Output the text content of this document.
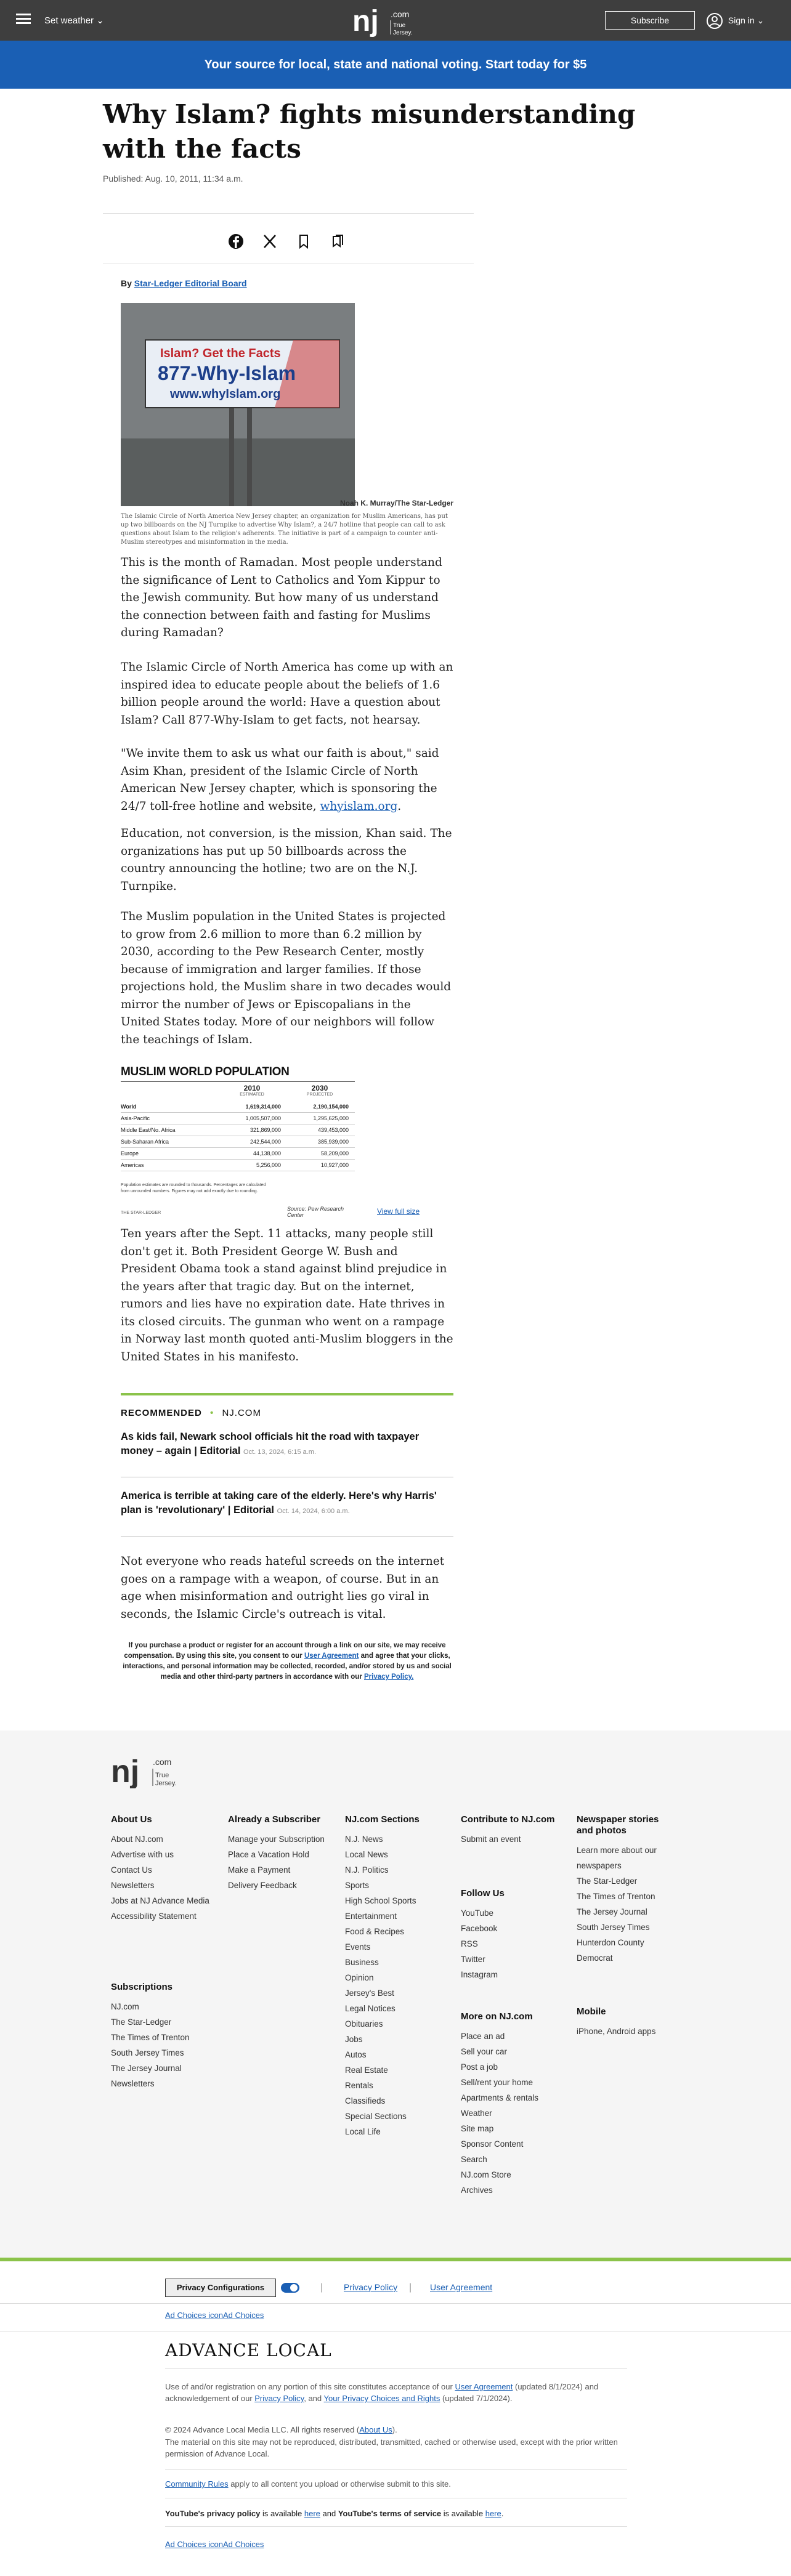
Set weather ⌄	nj .com
True
Jersey.
Subscribe	Sign in ⌄
Your source for local, state and national voting. Start today for $5
Why Islam? fights misunderstanding with the facts
Published: Aug. 10, 2011, 11:34 a.m.
By Star-Ledger Editorial Board
Islam? Get the Facts
877-Why-Islam
www.whyIslam.org
Noah K. Murray/The Star-Ledger
The Islamic Circle of North America New Jersey chapter, an organization for Muslim Americans, has put up two billboards on the NJ Turnpike to advertise Why Islam?, a 24/7 hotline that people can call to ask questions about Islam to the religion's adherents. The initiative is part of a campaign to counter anti-Muslim stereotypes and misinformation in the media.

This is the month of Ramadan. Most people understand the significance of Lent to Catholics and Yom Kippur to the Jewish community. But how many of us understand the connection between faith and fasting for Muslims during Ramadan?

The Islamic Circle of North America has come up with an inspired idea to educate people about the beliefs of 1.6 billion people around the world: Have a question about Islam? Call 877-Why-Islam to get facts, not hearsay.

"We invite them to ask us what our faith is about," said Asim Khan, president of the Islamic Circle of North American New Jersey chapter, which is sponsoring the 24/7 toll-free hotline and website, whyislam.org.

Education, not conversion, is the mission, Khan said. The organizations has put up 50 billboards across the country announcing the hotline; two are on the N.J. Turnpike.

The Muslim population in the United States is projected to grow from 2.6 million to more than 6.2 million by 2030, according to the Pew Research Center, mostly because of immigration and larger families. If those projections hold, the Muslim share in two decades would mirror the number of Jews or Episcopalians in the United States today. More of our neighbors will follow the teachings of Islam.

MUSLIM WORLD POPULATION
2010	2030
ESTIMATED	PROJECTED
World	1,619,314,000	2,190,154,000
Asia-Pacific	1,005,507,000	1,295,625,000
Middle East/No. Africa	321,869,000	439,453,000
Sub-Saharan Africa	242,544,000	385,939,000
Europe	44,138,000	58,209,000
Americas	5,256,000	10,927,000
Population estimates are rounded to thousands. Percentages are calculated from unrounded numbers. Figures may not add exactly due to rounding.
THE STAR-LEDGER
Source: Pew Research Center	View full size

Ten years after the Sept. 11 attacks, many people still don't get it. Both President George W. Bush and President Obama took a stand against blind prejudice in the years after that tragic day. But on the internet, rumors and lies have no expiration date. Hate thrives in its closed circuits. The gunman who went on a rampage in Norway last month quoted anti-Muslim bloggers in the United States in his manifesto.

RECOMMENDED • NJ.COM
As kids fail, Newark school officials hit the road with taxpayer money – again | Editorial Oct. 13, 2024, 6:15 a.m.
America is terrible at taking care of the elderly. Here's why Harris' plan is 'revolutionary' | Editorial Oct. 14, 2024, 6:00 a.m.

Not everyone who reads hateful screeds on the internet goes on a rampage with a weapon, of course. But in an age when misinformation and outright lies go viral in seconds, the Islamic Circle's outreach is vital.

If you purchase a product or register for an account through a link on our site, we may receive compensation. By using this site, you consent to our User Agreement and agree that your clicks, interactions, and personal information may be collected, recorded, and/or stored by us and social media and other third-party partners in accordance with our Privacy Policy.
nj .com
True
Jersey.
About Us
About NJ.com
Advertise with us
Contact Us
Newsletters
Jobs at NJ Advance Media
Accessibility Statement
Subscriptions
NJ.com
The Star-Ledger
The Times of Trenton
South Jersey Times
The Jersey Journal
Newsletters
Already a Subscriber
Manage your Subscription
Place a Vacation Hold
Make a Payment
Delivery Feedback
NJ.com Sections
N.J. News
Local News
N.J. Politics
Sports
High School Sports
Entertainment
Food & Recipes
Events
Business
Opinion
Jersey's Best
Legal Notices
Obituaries
Jobs
Autos
Real Estate
Rentals
Classifieds
Special Sections
Local Life
Contribute to NJ.com
Submit an event
Follow Us
YouTube
Facebook
RSS
Twitter
Instagram
More on NJ.com
Place an ad
Sell your car
Post a job
Sell/rent your home
Apartments & rentals
Weather
Site map
Sponsor Content
Search
NJ.com Store
Archives
Newspaper stories and photos
Learn more about our newspapers
The Star-Ledger
The Times of Trenton
The Jersey Journal
South Jersey Times
Hunterdon County Democrat
Mobile
iPhone, Android apps
Privacy Configurations	| Privacy Policy | User Agreement
Ad Choices iconAd Choices
ADVANCE LOCAL
Use of and/or registration on any portion of this site constitutes acceptance of our User Agreement (updated 8/1/2024) and acknowledgement of our Privacy Policy, and Your Privacy Choices and Rights (updated 7/1/2024).
© 2024 Advance Local Media LLC. All rights reserved (About Us).
The material on this site may not be reproduced, distributed, transmitted, cached or otherwise used, except with the prior written permission of Advance Local.
Community Rules apply to all content you upload or otherwise submit to this site.
YouTube's privacy policy is available here and YouTube's terms of service is available here.
Ad Choices iconAd Choices
